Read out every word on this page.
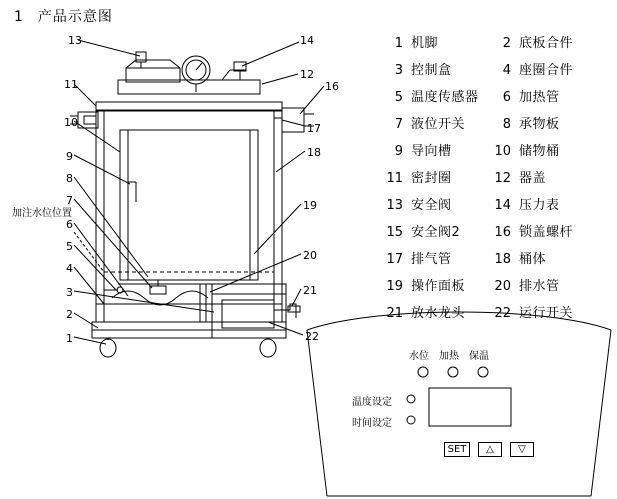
1 产品示意图
1 机脚	2 底板合件
3 控制盒	4 座圈合件
5 温度传感器	6 加热管
7 液位开关	8 承物板
9 导向槽	10 储物桶
11 密封圈	12 器盖
13 安全阀	14 压力表
15 安全阀2	16 锁盖螺杆
17 排气管	18 桶体
19 操作面板 20 排水管
21 放水龙头 22 运行开关
13	14
11
12
16
10	17
9	18
8
7	19
6
5
20
4
21
3
2
22
1
加注水位位置
水位 加热 保温
温度设定
时间设定
SET	△	▽
